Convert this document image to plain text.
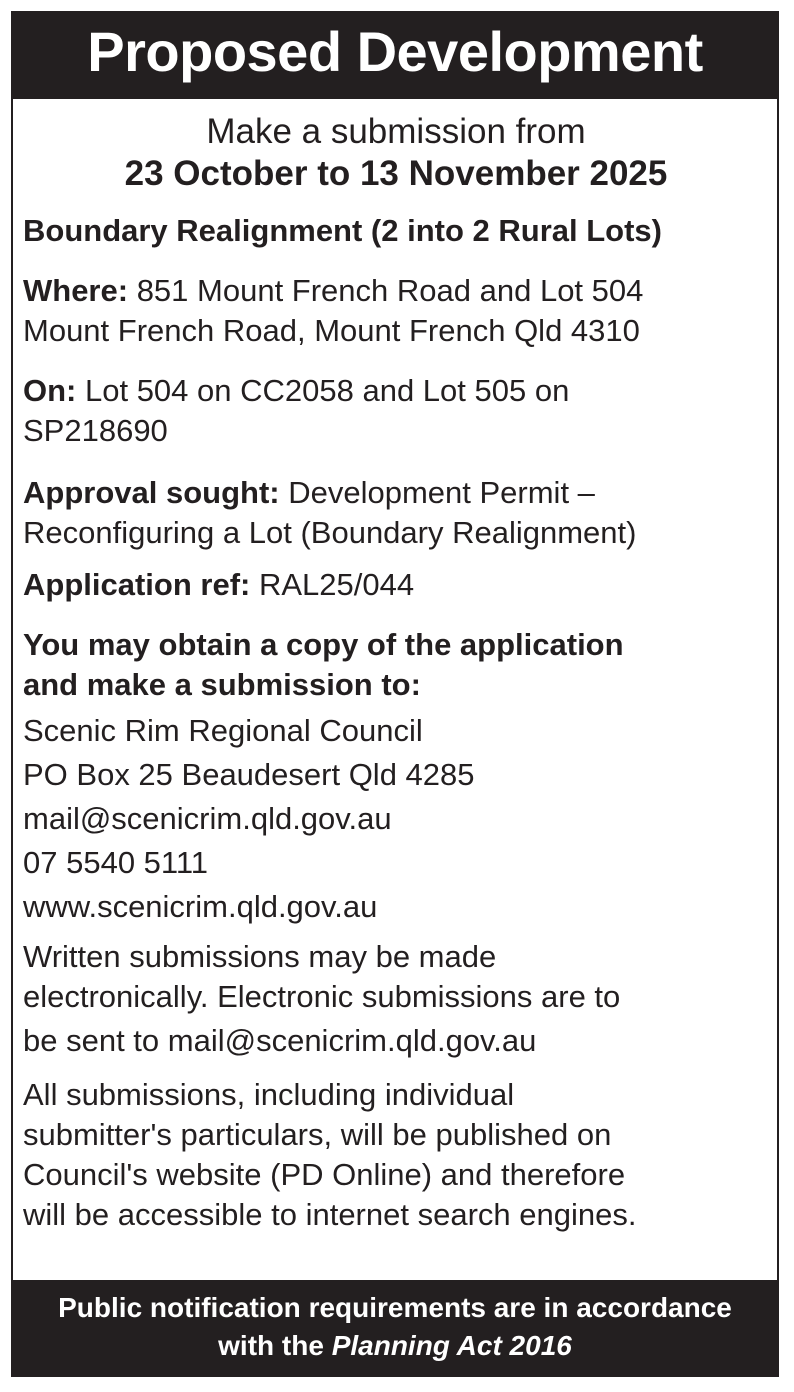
Proposed Development
Make a submission from
23 October to 13 November 2025
Boundary Realignment (2 into 2 Rural Lots)
Where: 851 Mount French Road and Lot 504
Mount French Road, Mount French Qld 4310
On: Lot 504 on CC2058 and Lot 505 on
SP218690
Approval sought: Development Permit –
Reconfiguring a Lot (Boundary Realignment)
Application ref: RAL25/044
You may obtain a copy of the application
and make a submission to:
Scenic Rim Regional Council
PO Box 25 Beaudesert Qld 4285
mail@scenicrim.qld.gov.au
07 5540 5111
www.scenicrim.qld.gov.au
Written submissions may be made
electronically. Electronic submissions are to
be sent to mail@scenicrim.qld.gov.au
All submissions, including individual
submitter's particulars, will be published on
Council's website (PD Online) and therefore
will be accessible to internet search engines.
Public notification requirements are in accordance
with the Planning Act 2016
